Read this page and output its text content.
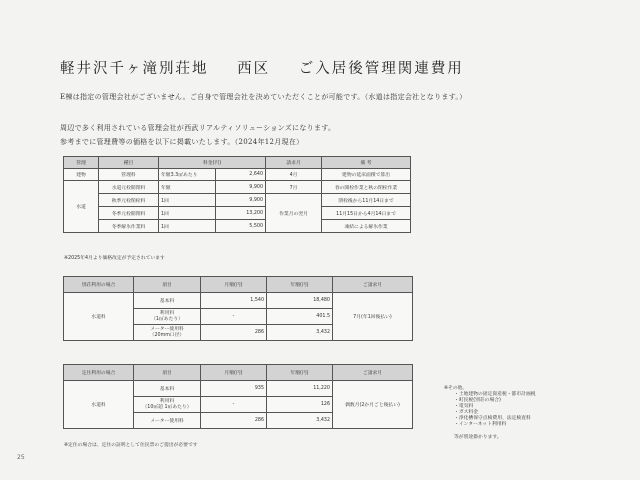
軽井沢千ヶ滝別荘地 西区 ご入居後管理関連費用
E棟は指定の管理会社がございません。ご自身で管理会社を決めていただくことが可能です。（水道は指定会社となります。）
周辺で多く利用されている管理会社が西武リアルティソリューションズになります。
参考までに管理費等の価格を以下に掲載いたします。（2024年12月現在）
管理	種目	料金(円)		請求月	備 考
建物	管理料	年額3.3㎡あたり	2,640	4月	建物の延床面積で算出
水道	水道元栓開閉料	年額	9,900	7月	春の開栓作業と秋の閉栓作業
	秋季元栓閉栓料	1回	9,900	作業月の翌月	閉栓後から11月14日まで
	冬季元栓開閉料	1回	13,200		11月15日から4月14日まで
	冬季解氷作業料	1回	5,500		凍結による解氷作業
※2025年4月より価格改定が予定されています
別荘利用の場合	項目	月額(円)	年額(円)	ご請求月
水道料	基本料	1,540	18,480	7月(年1回後払い)
	利用料
（1㎥あたり）	-	401.5	
	メーター使用料
（20mm口径）	286	3,432	
定住利用の場合	項目	月額(円)	年額(円)	ご請求月
水道料	基本料	935	11,220	偶数月(2か月ごと後払い)
	利用料
（10㎥超 1㎥あたり）	-	126	
	メーター使用料	286	3,432	
※定住の場合は、定住の証明として住民票のご提出が必要です
※その他、
・土地建物の固定資産税・都市計画税
・町民税(別荘の場合)
・電気料
・ガス料金
・浄化槽保守点検費用、法定検査料
・インターネット利用料
等が別途掛かります。
25
